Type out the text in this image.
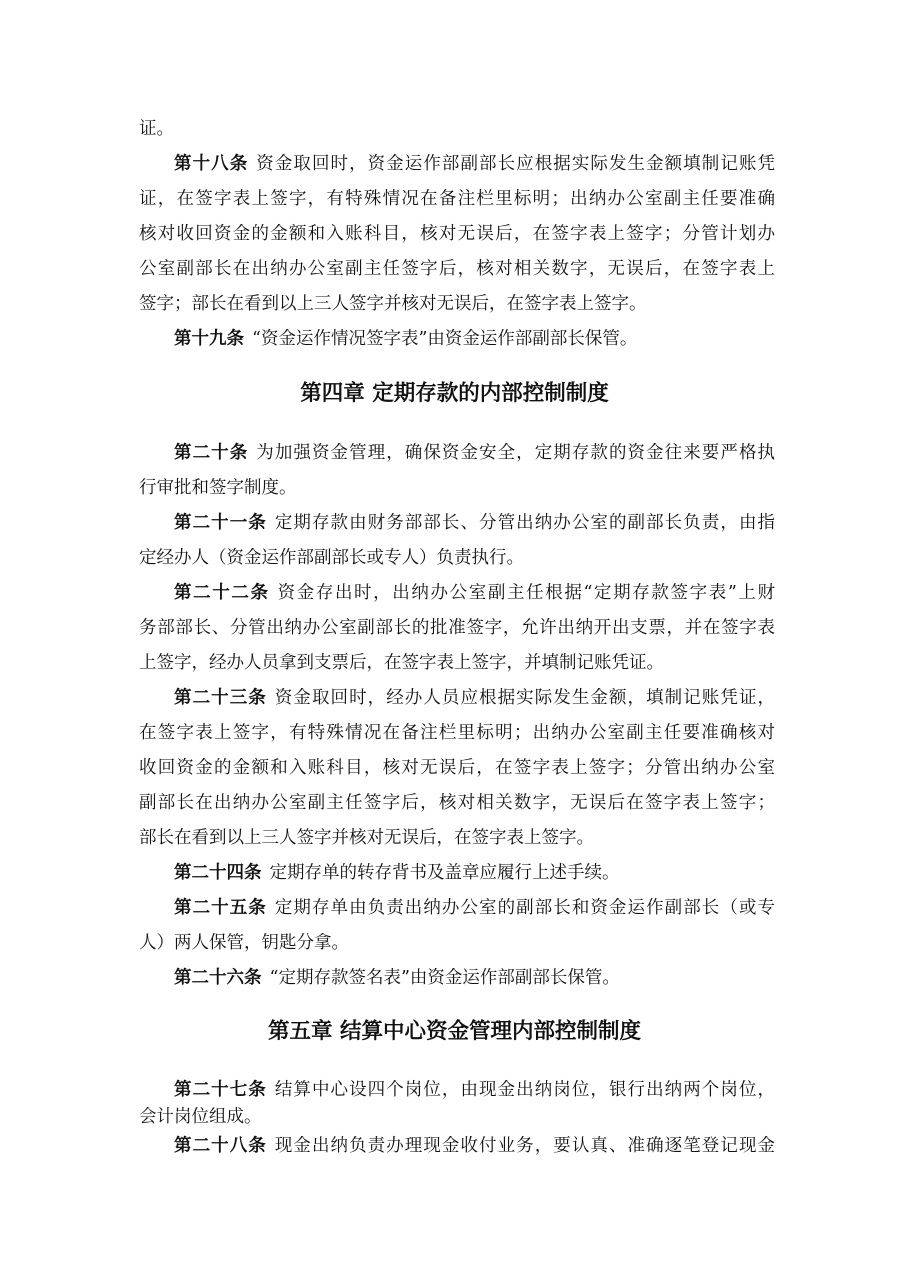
证。
第十八条 资金取回时，资金运作部副部长应根据实际发生金额填制记账凭
证，在签字表上签字，有特殊情况在备注栏里标明；出纳办公室副主任要准确
核对收回资金的金额和入账科目，核对无误后，在签字表上签字；分管计划办
公室副部长在出纳办公室副主任签字后，核对相关数字，无误后，在签字表上
签字；部长在看到以上三人签字并核对无误后，在签字表上签字。
第十九条 “资金运作情况签字表”由资金运作部副部长保管。
第四章 定期存款的内部控制制度
第二十条 为加强资金管理，确保资金安全，定期存款的资金往来要严格执
行审批和签字制度。
第二十一条 定期存款由财务部部长、分管出纳办公室的副部长负责，由指
定经办人（资金运作部副部长或专人）负责执行。
第二十二条 资金存出时，出纳办公室副主任根据“定期存款签字表”上财
务部部长、分管出纳办公室副部长的批准签字，允许出纳开出支票，并在签字表
上签字，经办人员拿到支票后，在签字表上签字，并填制记账凭证。
第二十三条 资金取回时，经办人员应根据实际发生金额，填制记账凭证，
在签字表上签字，有特殊情况在备注栏里标明；出纳办公室副主任要准确核对
收回资金的金额和入账科目，核对无误后，在签字表上签字；分管出纳办公室
副部长在出纳办公室副主任签字后，核对相关数字，无误后在签字表上签字；
部长在看到以上三人签字并核对无误后，在签字表上签字。
第二十四条 定期存单的转存背书及盖章应履行上述手续。
第二十五条 定期存单由负责出纳办公室的副部长和资金运作副部长（或专
人）两人保管，钥匙分拿。
第二十六条 “定期存款签名表”由资金运作部副部长保管。
第五章 结算中心资金管理内部控制制度
第二十七条 结算中心设四个岗位，由现金出纳岗位，银行出纳两个岗位，
会计岗位组成。
第二十八条 现金出纳负责办理现金收付业务，要认真、准确逐笔登记现金
